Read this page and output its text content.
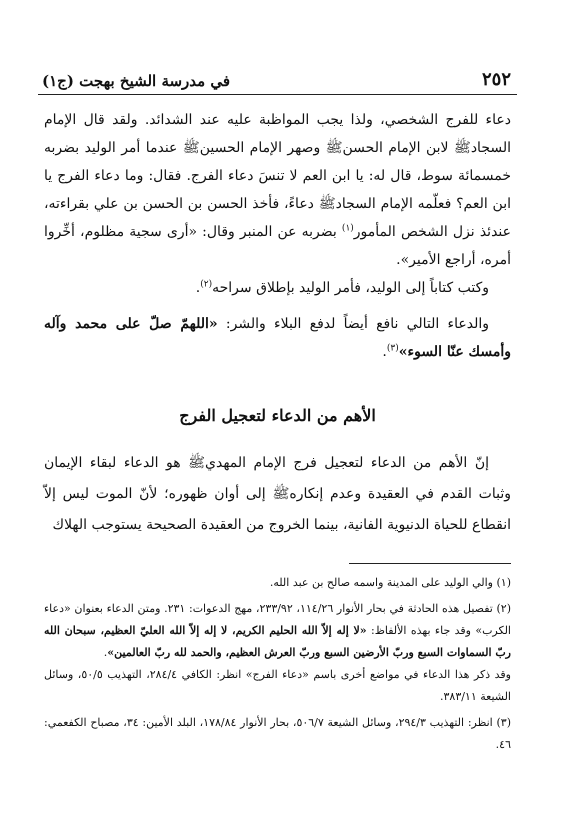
٢٥٢
في مدرسة الشيخ بهجت (ج١)

دعاء للفرج الشخصي، ولذا يجب المواظبة عليه عند الشدائد. ولقد قال الإمام السجادﷺ لابن الإمام الحسنﷺ وصهر الإمام الحسينﷺ عندما أمر الوليد بضربه خمسمائة سوط، قال له: يا ابن العم لا تنسَ دعاء الفرج. فقال: وما دعاء الفرج يا ابن العم؟ فعلّمه الإمام السجادﷺ دعاءً، فأخذ الحسن بن الحسن بن علي بقراءته، عندئذ نزل الشخص المأمور$^{(١)}$ بضربه عن المنبر وقال: «أرى سجية مظلوم، أخِّروا أمره، أراجع الأمير».

وكتب كتاباً إلى الوليد، فأمر الوليد بإطلاق سراحه$^{(٢)}$.

والدعاء التالي نافع أيضاً لدفع البلاء والشر: «اللهمّ صلّ على محمد وآله وأمسك عنّا السوء»$^{(٣)}$.

الأهم من الدعاء لتعجيل الفرج

إنّ الأهم من الدعاء لتعجيل فرج الإمام المهديﷺ هو الدعاء لبقاء الإيمان وثبات القدم في العقيدة وعدم إنكارهﷺ إلى أوان ظهوره؛ لأنّ الموت ليس إلاّ انقطاع للحياة الدنيوية الفانية، بينما الخروج من العقيدة الصحيحة يستوجب الهلاك

(١) والي الوليد على المدينة واسمه صالح بن عبد الله.

(٢) تفصيل هذه الحادثة في بحار الأنوار ١١٤/٢٦، ٢٣٣/٩٢، مهج الدعوات: ٢٣١. ومتن الدعاء بعنوان «دعاء الكرب» وقد جاء بهذه الألفاظ: «لا إله إلاّ الله الحليم الكريم، لا إله إلاّ الله العليّ العظيم، سبحان الله ربّ السماوات السبع وربّ الأرضين السبع وربّ العرش العظيم، والحمد لله ربّ العالمين».

وقد ذكر هذا الدعاء في مواضع أخرى باسم «دعاء الفرج» انظر: الكافي ٢٨٤/٤، التهذيب ٥٠/٥، وسائل الشيعة ٣٨٣/١١.

(٣) انظر: التهذيب ٢٩٤/٣، وسائل الشيعة ٥٠٦/٧، بحار الأنوار ١٧٨/٨٤، البلد الأمين: ٣٤، مصباح الكفعمي: ٤٦.
